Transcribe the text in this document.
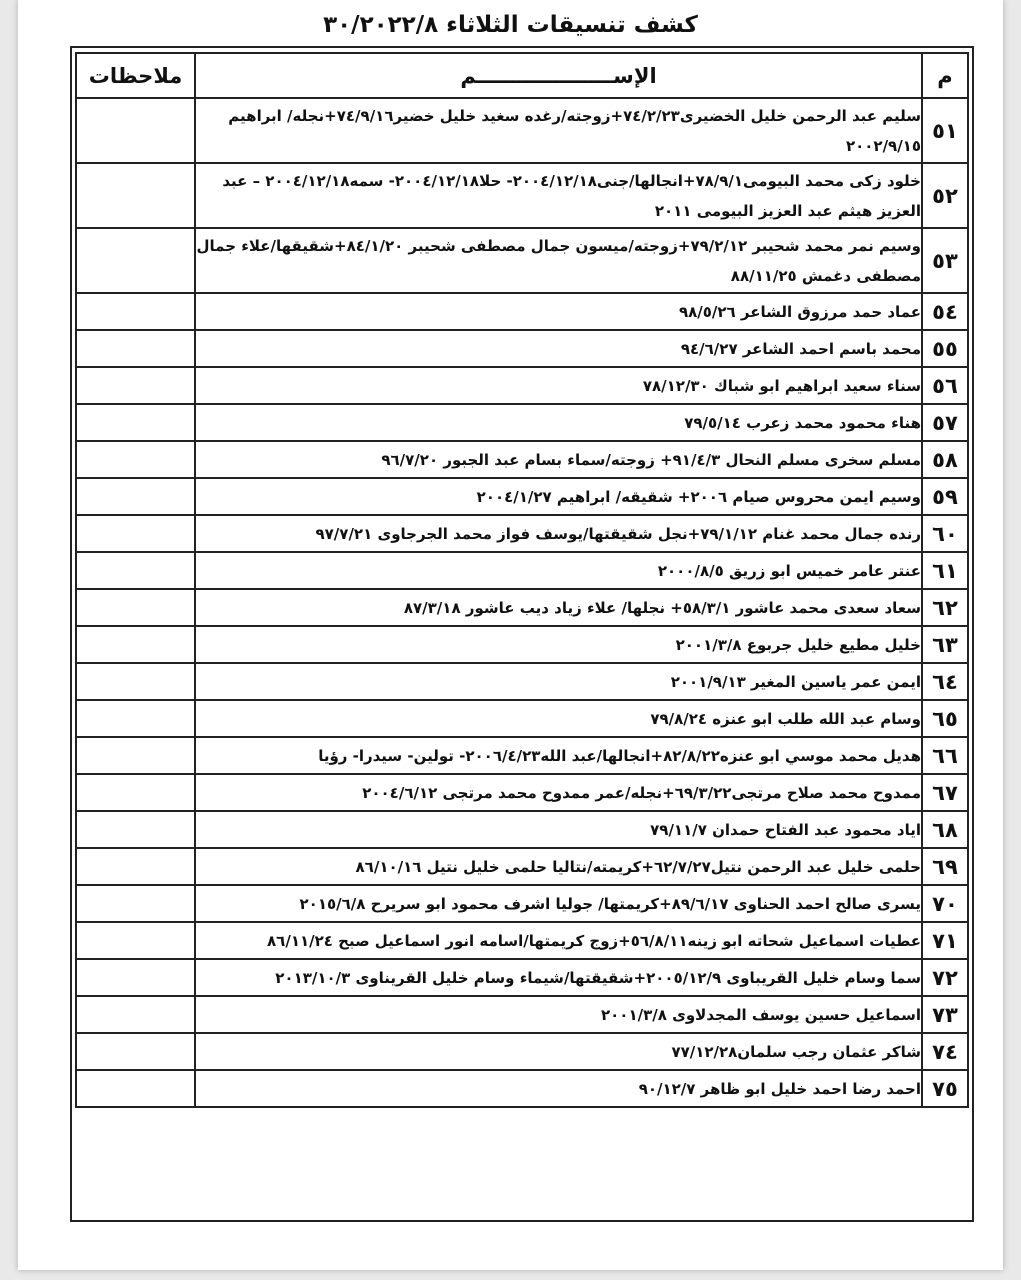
كشف تنسيقات الثلاثاء ٣٠/٢٠٢٢/٨
م	الإســـــــــــــــــــم	ملاحظات
٥١	سليم عبد الرحمن خليل الخضيرى٧٤/٢/٢٣+زوجته/رغده سغيد خليل خضير٧٤/٩/١٦+نجله/ ابراهيم ٢٠٠٢/٩/١٥	
٥٢	خلود زكى محمد البيومى٧٨/٩/١+انجالها/جنى٢٠٠٤/١٢/١٨- حلا٢٠٠٤/١٢/١٨- سمه٢٠٠٤/١٢/١٨ – عبد العزيز هيثم عبد العزيز البيومى ٢٠١١	
٥٣	وسيم نمر محمد شحيبر ٧٩/٢/١٢+زوجته/ميسون جمال مصطفى شحيبر ٨٤/١/٢٠+شقيقها/علاء جمال مصطفى دغمش ٨٨/١١/٢٥	
٥٤	عماد حمد مرزوق الشاعر ٩٨/٥/٢٦	
٥٥	محمد باسم احمد الشاعر ٩٤/٦/٢٧	
٥٦	سناء سعيد ابراهيم ابو شباك ٧٨/١٢/٣٠	
٥٧	هناء محمود محمد زعرب ٧٩/٥/١٤	
٥٨	مسلم سخرى مسلم النحال ٩١/٤/٣+ زوجته/سماء بسام عبد الجبور ٩٦/٧/٢٠	
٥٩	وسيم ايمن محروس صيام ٢٠٠٦+ شقيقه/ ابراهيم ٢٠٠٤/١/٢٧	
٦٠	رنده جمال محمد غنام ٧٩/١/١٢+نجل شقيقتها/يوسف فواز محمد الجرجاوى ٩٧/٧/٢١	
٦١	عنتر عامر خميس ابو زريق ٢٠٠٠/٨/٥	
٦٢	سعاد سعدى محمد عاشور ٥٨/٣/١+ نجلها/ علاء زياد ديب عاشور ٨٧/٣/١٨	
٦٣	خليل مطيع خليل جربوع ٢٠٠١/٣/٨	
٦٤	ايمن عمر ياسين المغير ٢٠٠١/٩/١٣	
٦٥	وسام عبد الله طلب ابو عنزه ٧٩/٨/٢٤	
٦٦	هديل محمد موسي ابو عنزه٨٢/٨/٢٢+انجالها/عبد الله٢٠٠٦/٤/٢٣- تولين- سيدرا- رؤيا	
٦٧	ممدوح محمد صلاح مرتجى٦٩/٣/٢٢+نجله/عمر ممدوح محمد مرتجى ٢٠٠٤/٦/١٢	
٦٨	اياد محمود عبد الفتاح حمدان ٧٩/١١/٧	
٦٩	حلمى خليل عبد الرحمن نتيل٦٢/٧/٢٧+كريمته/نتاليا حلمى خليل نتيل ٨٦/١٠/١٦	
٧٠	يسرى صالح احمد الحناوى ٨٩/٦/١٧+كريمتها/ جوليا اشرف محمود ابو سريرح ٢٠١٥/٦/٨	
٧١	عطيات اسماعيل شحاته ابو زينه٥٦/٨/١١+زوج كريمتها/اسامه انور اسماعيل صبح ٨٦/١١/٢٤	
٧٢	سما وسام خليل القريباوى ٢٠٠٥/١٢/٩+شقيقتها/شيماء وسام خليل القريناوى ٢٠١٣/١٠/٣	
٧٣	اسماعيل حسين يوسف المجدلاوى ٢٠٠١/٣/٨	
٧٤	شاكر عثمان رجب سلمان٧٧/١٢/٢٨	
٧٥	احمد رضا احمد خليل ابو ظاهر ٩٠/١٢/٧	
